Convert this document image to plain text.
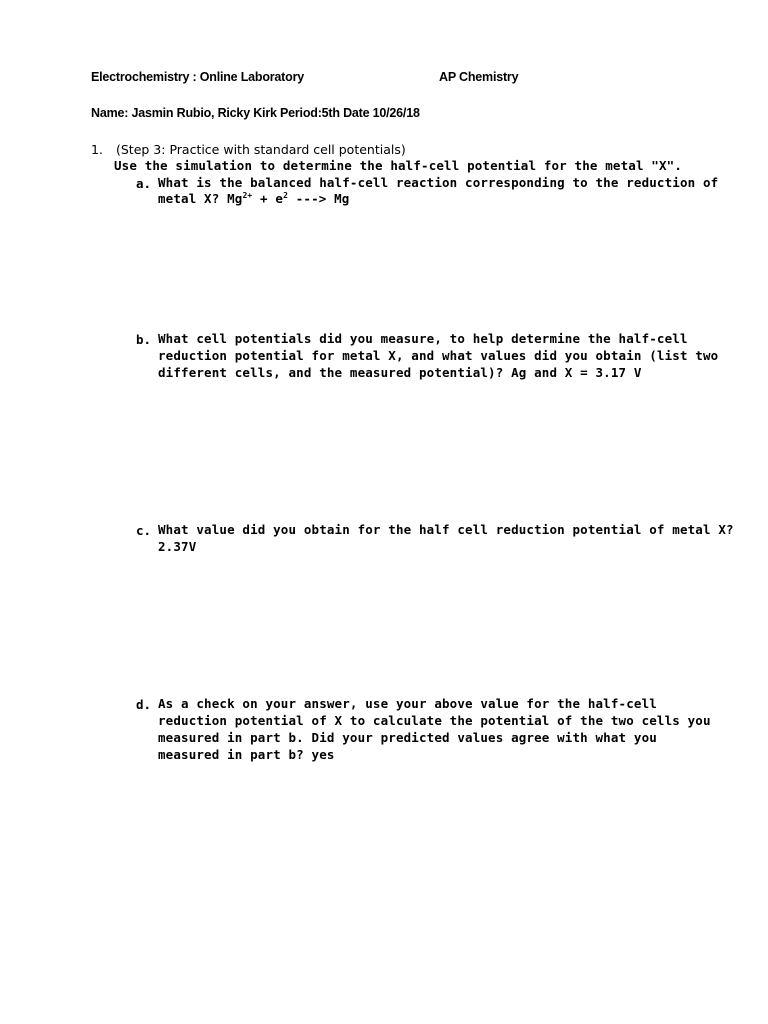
Electrochemistry : Online Laboratory	AP Chemistry
Name: Jasmin Rubio, Ricky Kirk Period:5th Date 10/26/18
1. (Step 3: Practice with standard cell potentials)
Use the simulation to determine the half-cell potential for the metal "X".
a. What is the balanced half-cell reaction corresponding to the reduction of
metal X? $Mg^{2+} + e^2$ ---> Mg
b. What cell potentials did you measure, to help determine the half-cell
reduction potential for metal X, and what values did you obtain (list two
different cells, and the measured potential)? Ag and X = 3.17 V
c. What value did you obtain for the half cell reduction potential of metal X?
2.37V
d. As a check on your answer, use your above value for the half-cell
reduction potential of X to calculate the potential of the two cells you
measured in part b. Did your predicted values agree with what you
measured in part b? yes
